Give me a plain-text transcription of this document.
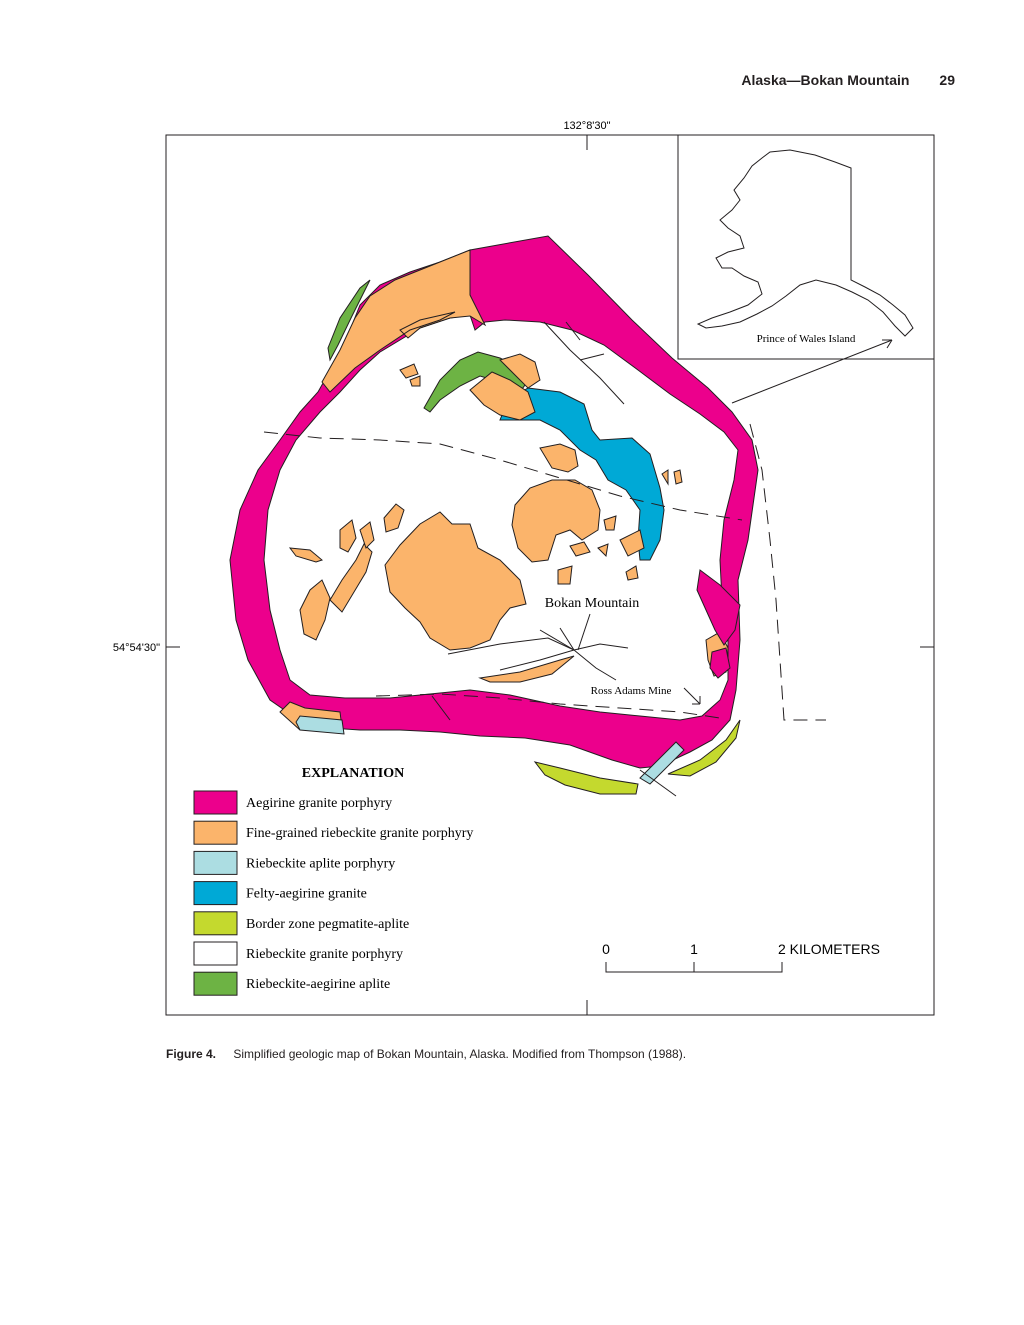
Alaska—Bokan Mountain 29
132°8'30"
54°54'30"
Prince of Wales Island
Bokan Mountain
Ross Adams Mine
EXPLANATION
Aegirine granite porphyry
Fine-grained riebeckite granite porphyry
Riebeckite aplite porphyry
Felty-aegirine granite
Border zone pegmatite-aplite
Riebeckite granite porphyry
Riebeckite-aegirine aplite
0	1	2 KILOMETERS
Figure 4. Simplified geologic map of Bokan Mountain, Alaska. Modified from Thompson (1988).
